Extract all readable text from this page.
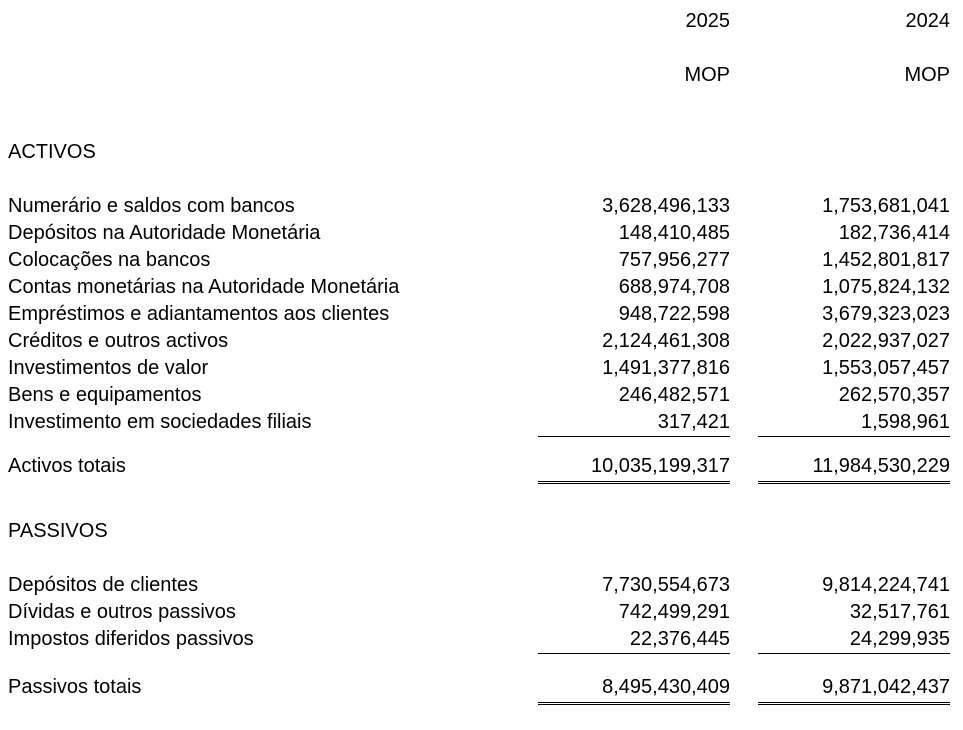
2025	2024
MOP	MOP
ACTIVOS
Numerário e saldos com bancos	3,628,496,133	1,753,681,041
Depósitos na Autoridade Monetária	148,410,485	182,736,414
Colocações na bancos	757,956,277	1,452,801,817
Contas monetárias na Autoridade Monetária	688,974,708	1,075,824,132
Empréstimos e adiantamentos aos clientes	948,722,598	3,679,323,023
Créditos e outros activos	2,124,461,308	2,022,937,027
Investimentos de valor	1,491,377,816	1,553,057,457
Bens e equipamentos	246,482,571	262,570,357
Investimento em sociedades filiais	317,421	1,598,961
Activos totais	10,035,199,317	11,984,530,229
PASSIVOS
Depósitos de clientes	7,730,554,673	9,814,224,741
Dívidas e outros passivos	742,499,291	32,517,761
Impostos diferidos passivos	22,376,445	24,299,935
Passivos totais	8,495,430,409	9,871,042,437
